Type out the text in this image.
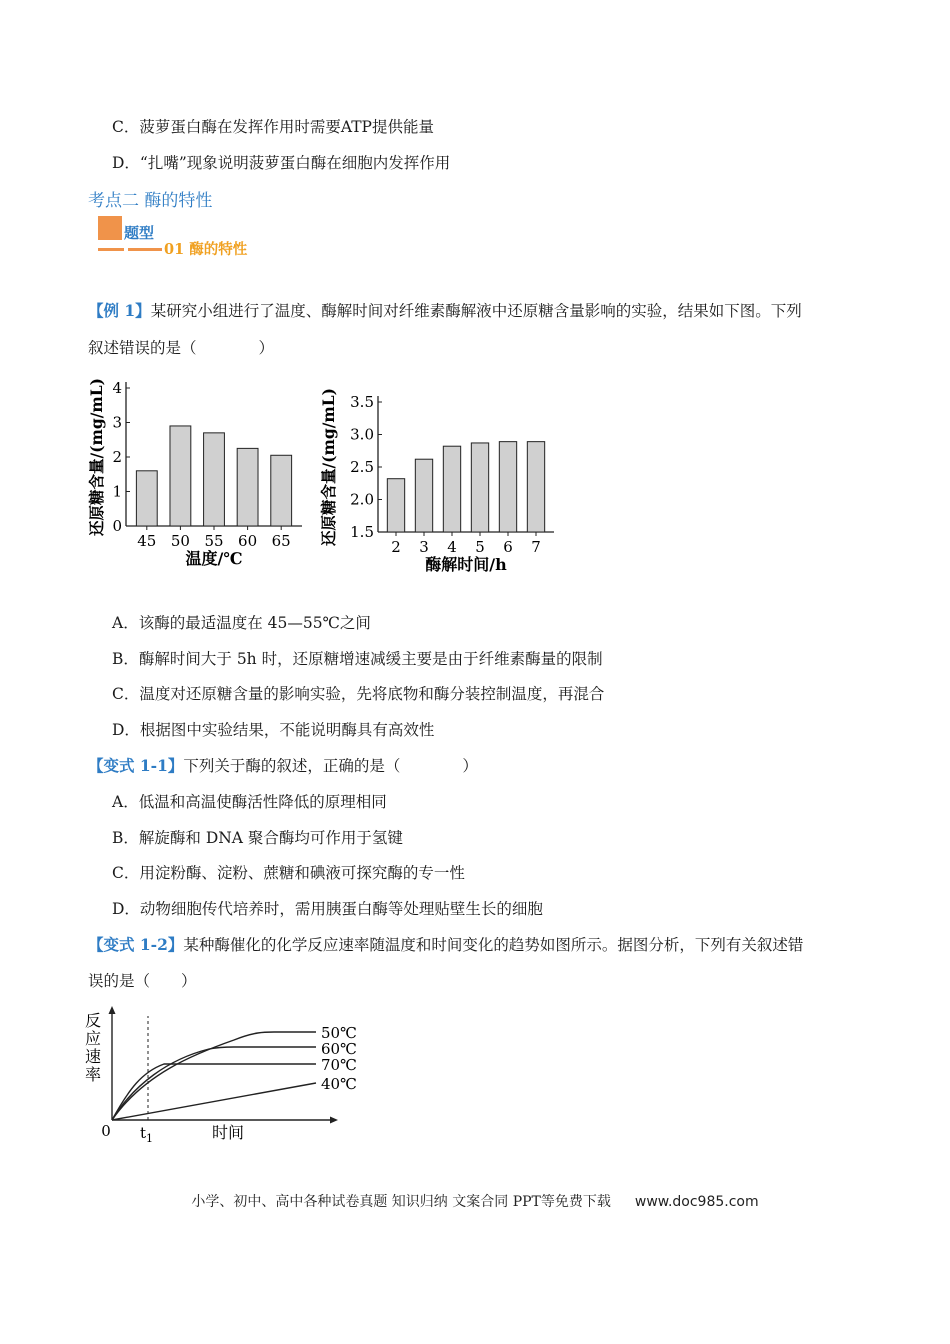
C．菠萝蛋白酶在发挥作用时需要ATP提供能量
D．“扎嘴”现象说明菠萝蛋白酶在细胞内发挥作用
考点二 酶的特性
题型
01 酶的特性
【例 1】某研究小组进行了温度、酶解时间对纤维素酶解液中还原糖含量影响的实验，结果如下图。下列
叙述错误的是（　　　　）
0
1
2
3
4
45 50 55 60 65
温度/℃
还原糖含量/(mg/mL)	1.5
2.0
2.5
3.0
3.5
2 3 4 5 6 7
酶解时间/h
还原糖含量/(mg/mL)
A．该酶的最适温度在 45—55℃之间
B．酶解时间大于 5h 时，还原糖增速减缓主要是由于纤维素酶量的限制
C．温度对还原糖含量的影响实验，先将底物和酶分装控制温度，再混合
D．根据图中实验结果，不能说明酶具有高效性
【变式 1-1】下列关于酶的叙述，正确的是（　　　　）
A．低温和高温使酶活性降低的原理相同
B．解旋酶和 DNA 聚合酶均可作用于氢键
C．用淀粉酶、淀粉、蔗糖和碘液可探究酶的专一性
D．动物细胞传代培养时，需用胰蛋白酶等处理贴壁生长的细胞
【变式 1-2】某种酶催化的化学反应速率随温度和时间变化的趋势如图所示。据图分析，下列有关叙述错
误的是（　　）
50℃
60℃
70℃
40℃
0 $t_1$	时间
反
应
速
率
小学、初中、高中各种试卷真题 知识归纳 文案合同 PPT等免费下载 www.doc985.com
